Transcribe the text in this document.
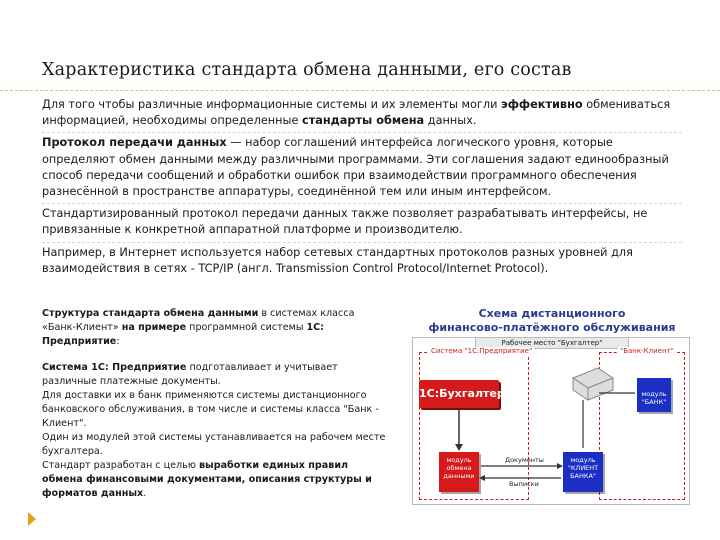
Характеристика стандарта обмена данными, его состав
Для того чтобы различные информационные системы и их элементы могли эффективно обмениваться информацией, необходимы определенные стандарты обмена данных.
Протокол передачи данных — набор соглашений интерфейса логического уровня, которые определяют обмен данными между различными программами. Эти соглашения задают единообразный способ передачи сообщений и обработки ошибок при взаимодействии программного обеспечения разнесённой в пространстве аппаратуры, соединённой тем или иным интерфейсом.
Стандартизированный протокол передачи данных также позволяет разрабатывать интерфейсы, не привязанные к конкретной аппаратной платформе и производителю.
Например, в Интернет используется набор сетевых стандартных протоколов разных уровней для взаимодействия в сетях - TCP/IP (англ. Transmission Control Protocol/Internet Protocol).

Структура стандарта обмена данными в системах класса «Банк-Клиент» на примере программной системы 1С: Предприятие:

Система 1С: Предприятие подготавливает и учитывает различные платежные документы.

Для доставки их в банк применяются системы дистанционного банковского обслуживания, в том числе и системы класса "Банк - Клиент".

Один из модулей этой системы устанавливается на рабочем месте бухгалтера.

Стандарт разработан с целью выработки единых правил обмена финансовыми документами, описания структуры и форматов данных.

Схема дистанционного
финансово-платёжного обслуживания
Рабочее место "Бухгалтер"
Система "1С:Предприятие"	"Банк-Клиент"
1С:Бухгалтерия
модуль обмена данными
модуль "БАНК"
модуль "КЛИЕНТ БАНКА"
Документы
Выписки
